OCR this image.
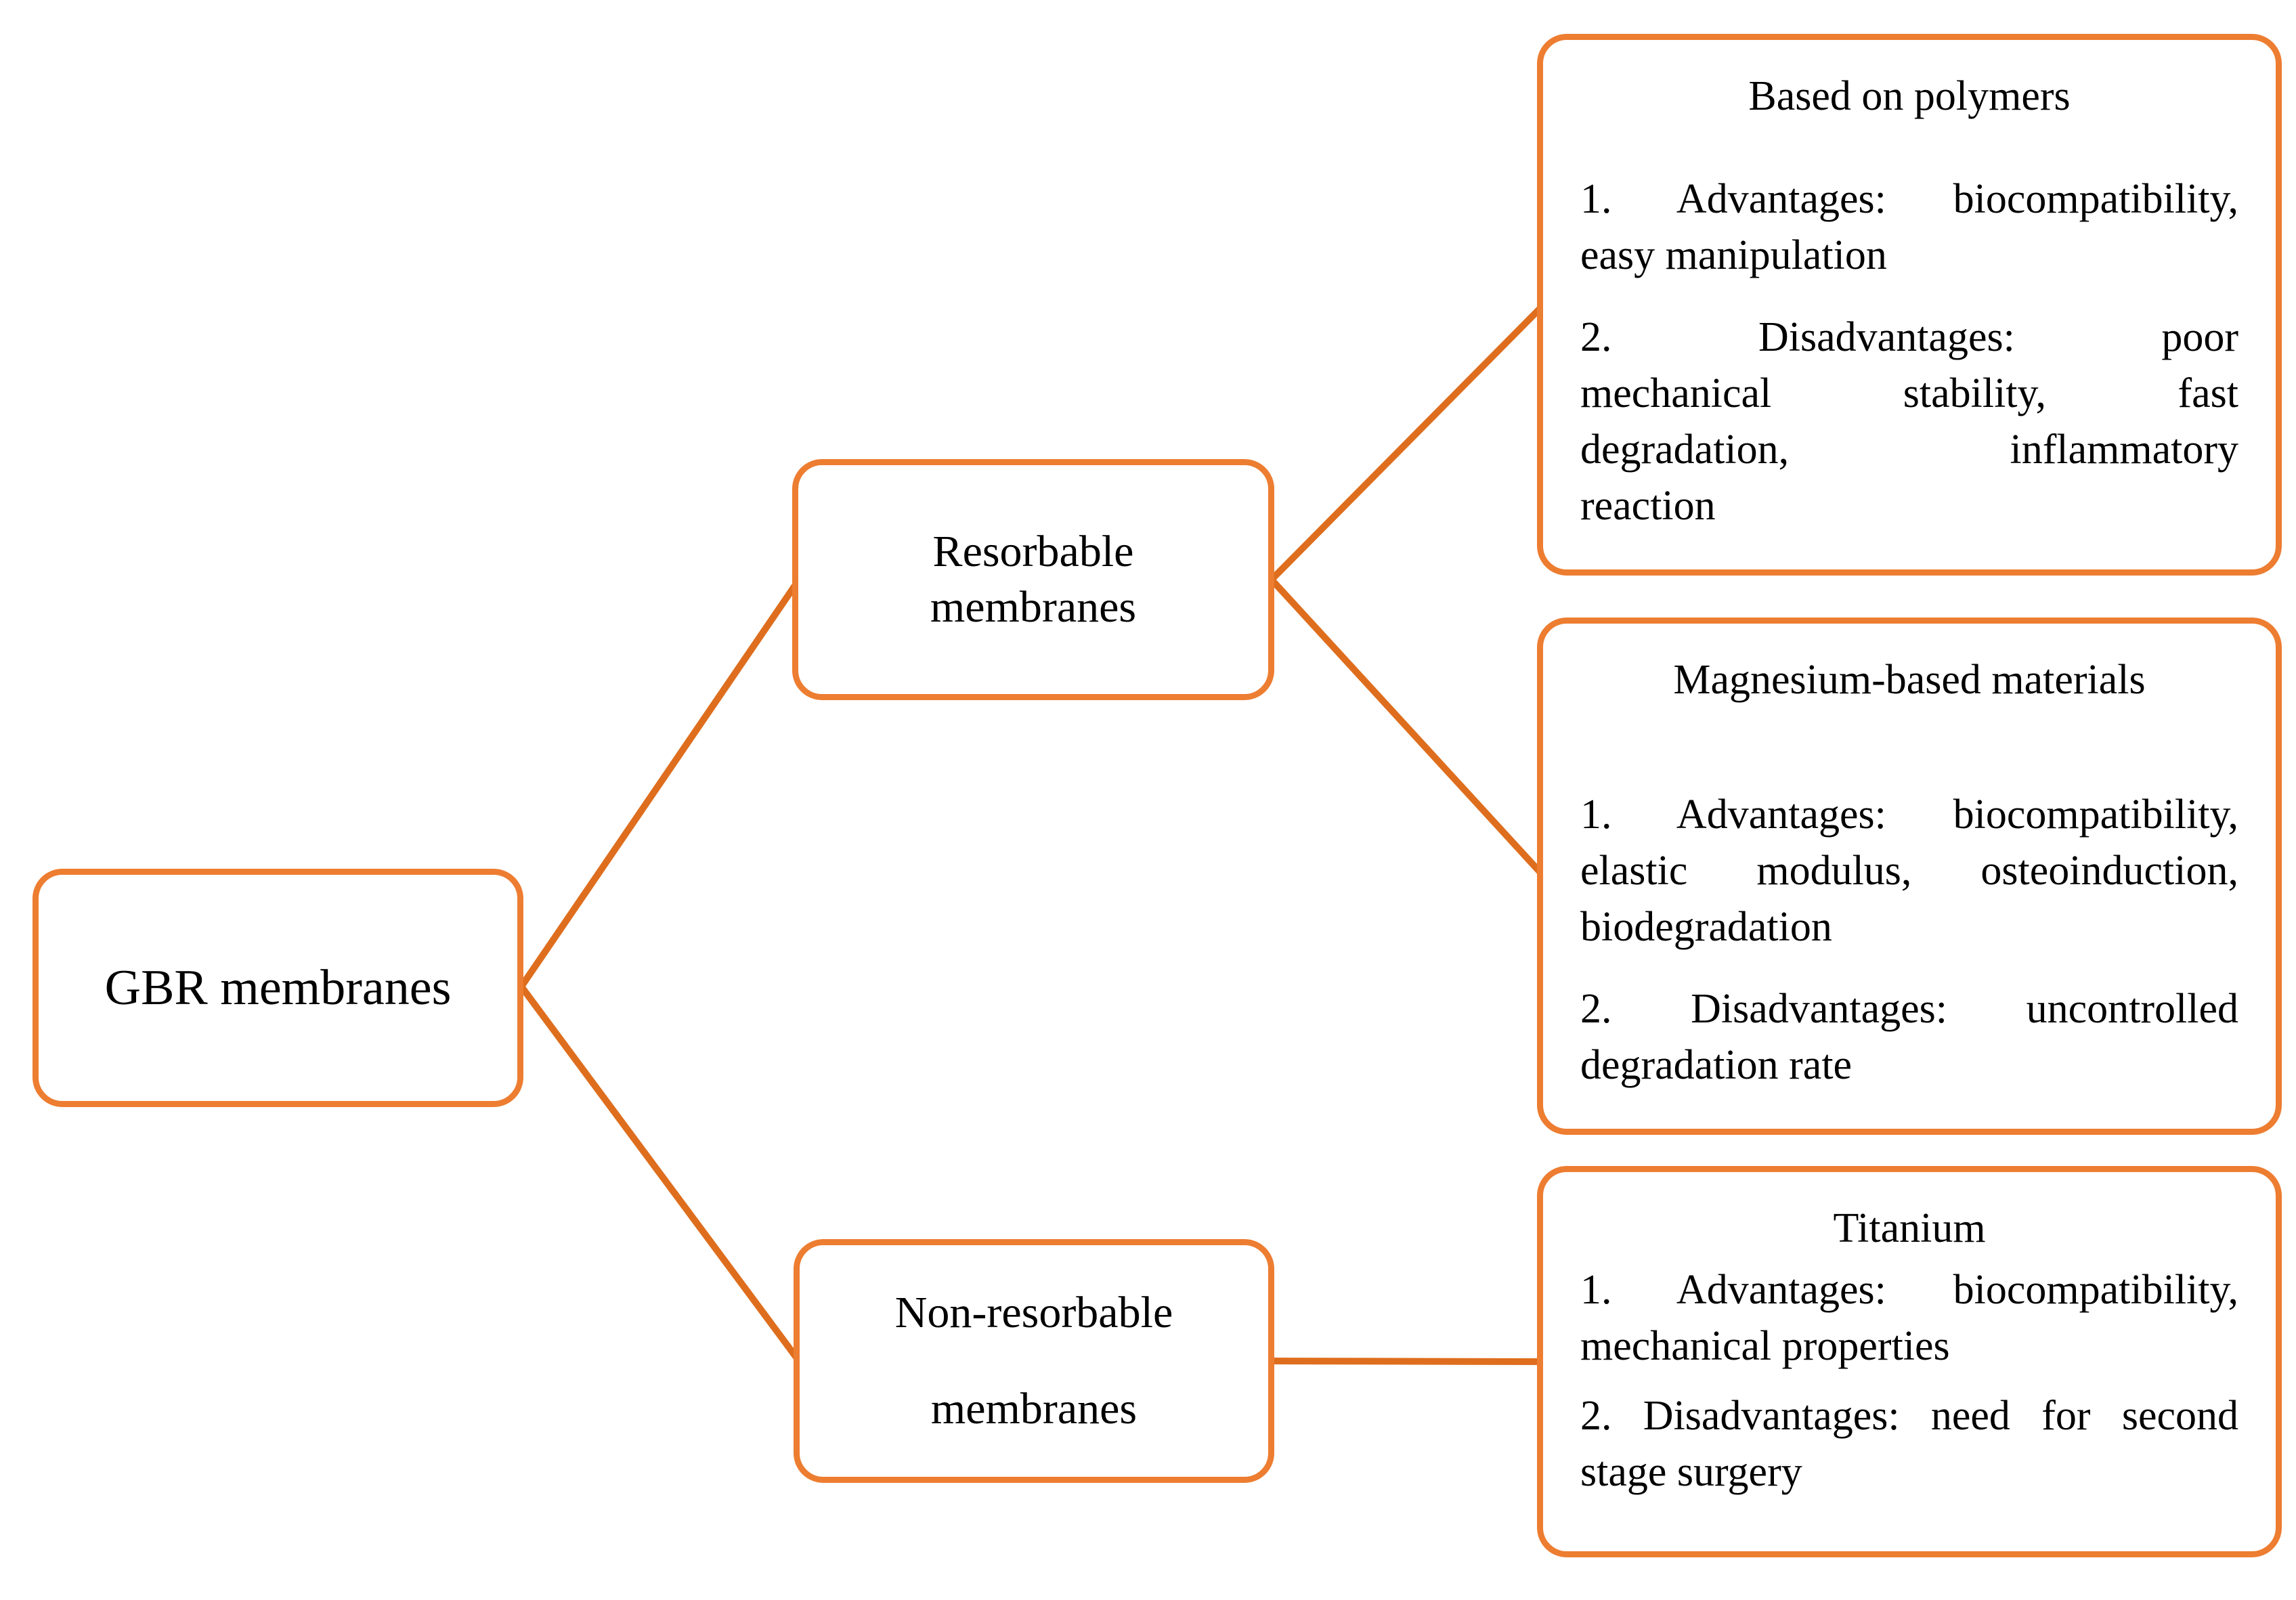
GBR membranes
Resorbable
membranes
Non-resorbable
membranes
Based on polymers
1. Advantages: biocompatibility,
easy manipulation
2. Disadvantages: poor
mechanical stability, fast
degradation, inflammatory
reaction
Magnesium-based materials
1. Advantages: biocompatibility,
elastic modulus, osteoinduction,
biodegradation
2. Disadvantages: uncontrolled
degradation rate
Titanium
1. Advantages: biocompatibility,
mechanical properties
2. Disadvantages: need for second
stage surgery
